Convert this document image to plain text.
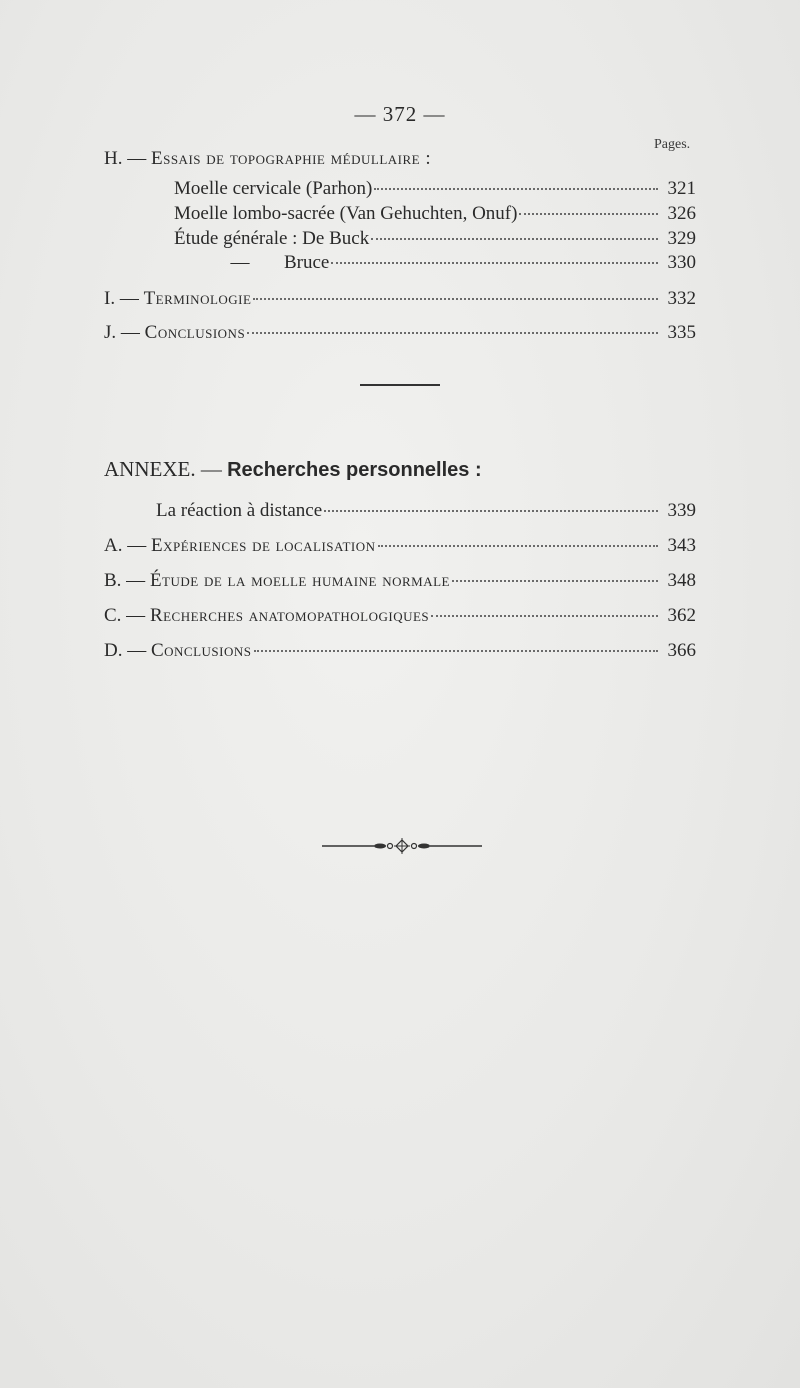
— 372 —
Pages.
H. — Essais de topographie médullaire :
Moelle cervicale (Parhon)	321
Moelle lombo-sacrée (Van Gehuchten, Onuf)	326
Étude générale : De Buck	329
— Bruce	330
I. — Terminologie	332
J. — Conclusions	335
ANNEXE. — Recherches personnelles :
La réaction à distance	339
A. — Expériences de localisation	343
B. — Étude de la moelle humaine normale	348
C. — Recherches anatomopathologiques	362
D. — Conclusions	366
